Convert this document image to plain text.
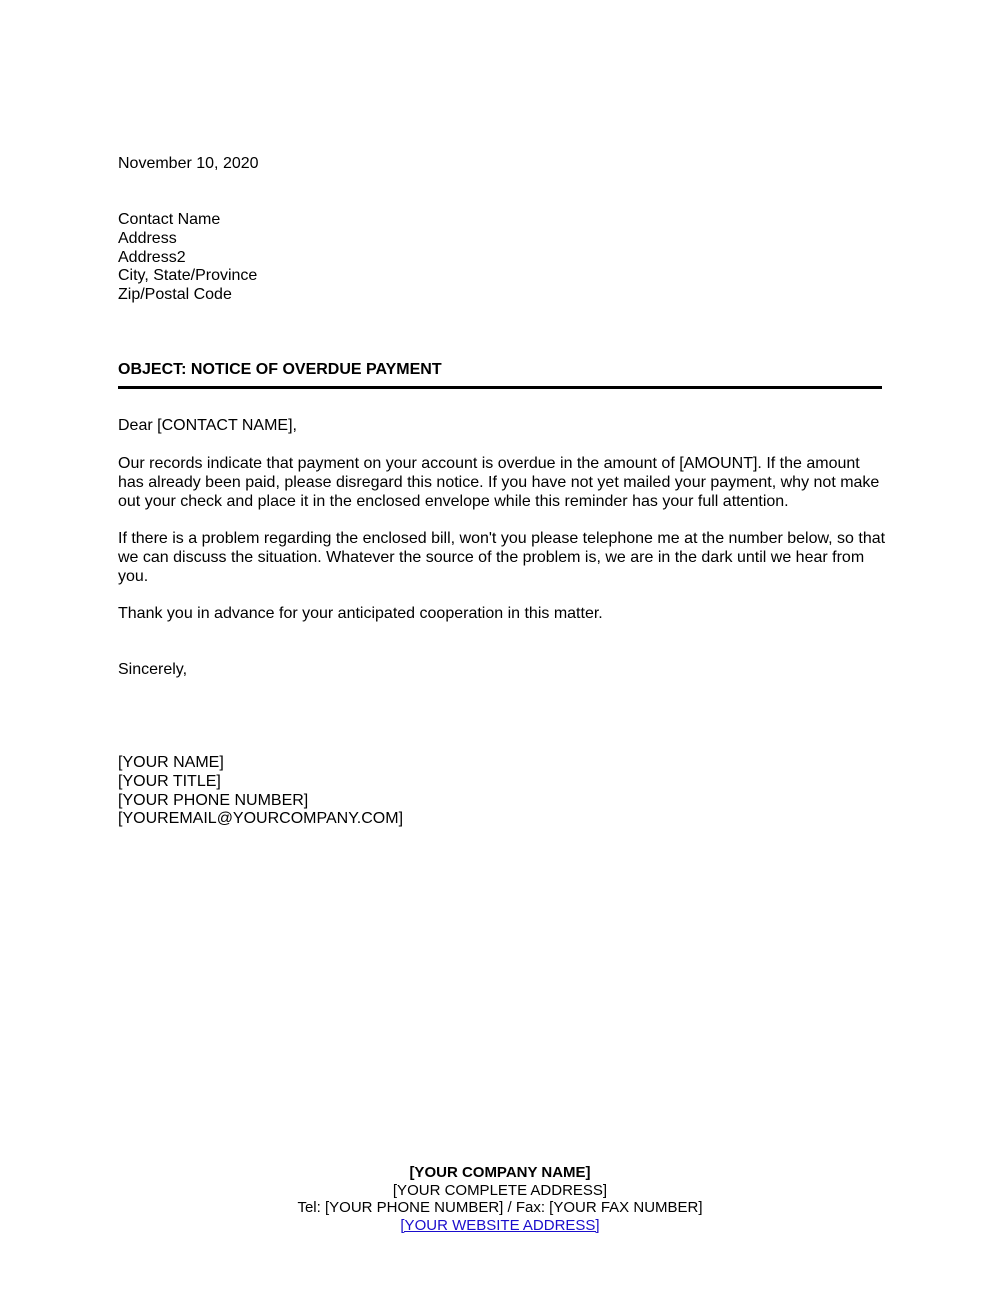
November 10, 2020
Contact Name
Address
Address2
City, State/Province
Zip/Postal Code
OBJECT: NOTICE OF OVERDUE PAYMENT
Dear [CONTACT NAME],
Our records indicate that payment on your account is overdue in the amount of [AMOUNT]. If the amount has already been paid, please disregard this notice. If you have not yet mailed your payment, why not make out your check and place it in the enclosed envelope while this reminder has your full attention.
If there is a problem regarding the enclosed bill, won't you please telephone me at the number below, so that we can discuss the situation. Whatever the source of the problem is, we are in the dark until we hear from you.
Thank you in advance for your anticipated cooperation in this matter.
Sincerely,
[YOUR NAME]
[YOUR TITLE]
[YOUR PHONE NUMBER]
[YOUREMAIL@YOURCOMPANY.COM]
[YOUR COMPANY NAME]
[YOUR COMPLETE ADDRESS]
Tel: [YOUR PHONE NUMBER] / Fax: [YOUR FAX NUMBER]
[YOUR WEBSITE ADDRESS]
